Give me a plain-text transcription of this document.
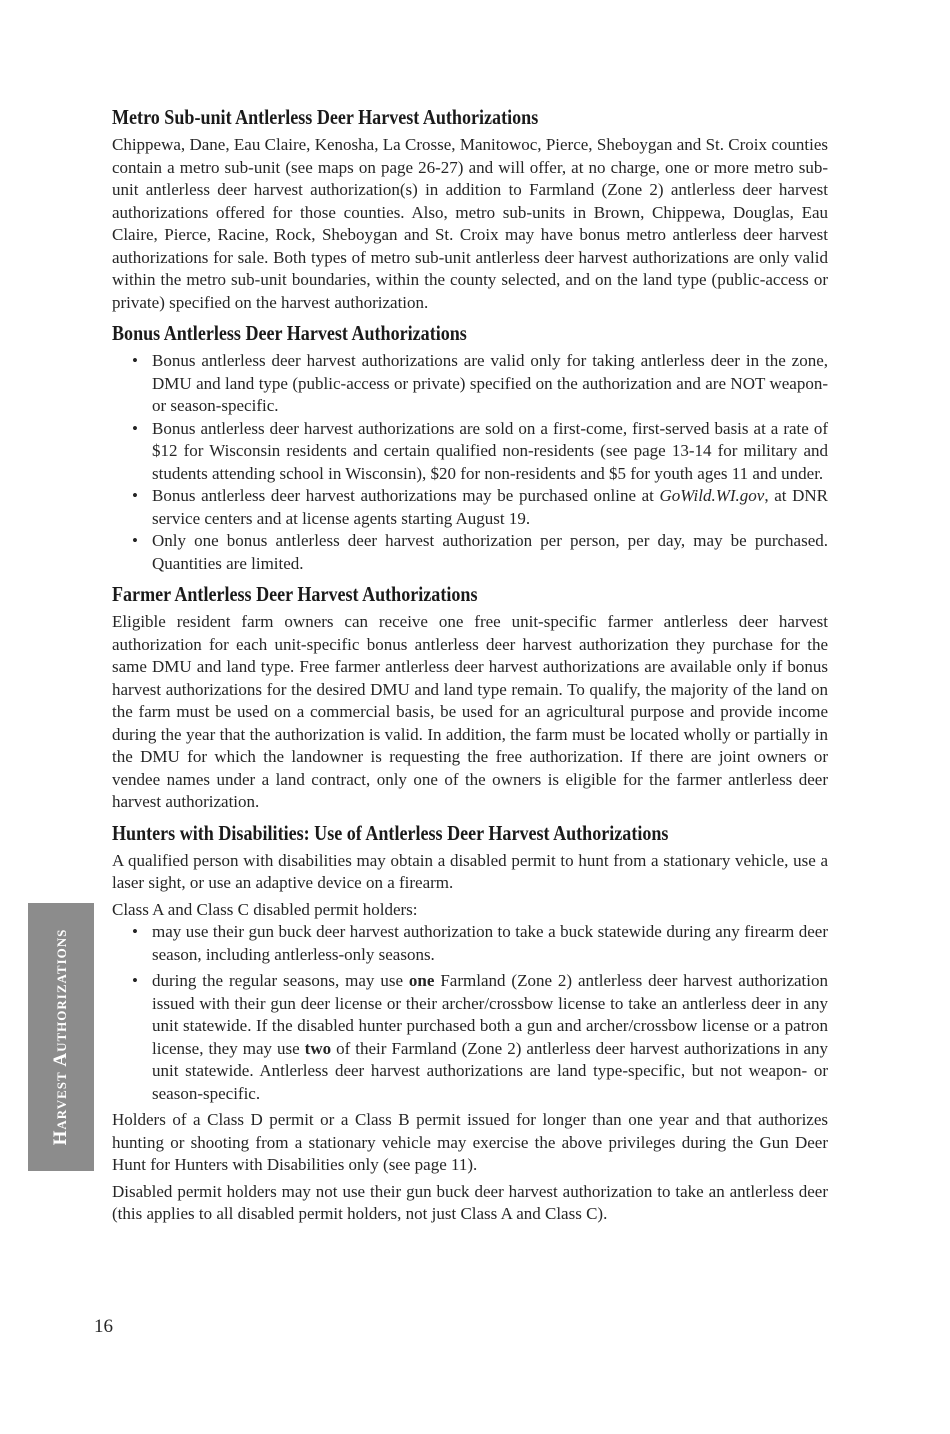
Harvest Authorizations
Metro Sub-unit Antlerless Deer Harvest Authorizations

Chippewa, Dane, Eau Claire, Kenosha, La Crosse, Manitowoc, Pierce, Sheboygan and St. Croix counties contain a metro sub-unit (see maps on page 26-27) and will offer, at no charge, one or more metro sub-unit antlerless deer harvest authorization(s) in addition to Farmland (Zone 2) antlerless deer harvest authorizations offered for those counties. Also, metro sub-units in Brown, Chippewa, Douglas, Eau Claire, Pierce, Racine, Rock, Sheboygan and St. Croix may have bonus metro antlerless deer harvest authorizations for sale. Both types of metro sub-unit antlerless deer harvest authorizations are only valid within the metro sub-unit boundaries, within the county selected, and on the land type (public-access or private) specified on the harvest authorization.

Bonus Antlerless Deer Harvest Authorizations
• Bonus antlerless deer harvest authorizations are valid only for taking antlerless deer in the zone, DMU and land type (public-access or private) specified on the authorization and are NOT weapon- or season-specific.
• Bonus antlerless deer harvest authorizations are sold on a first-come, first-served basis at a rate of $12 for Wisconsin residents and certain qualified non-residents (see page 13-14 for military and students attending school in Wisconsin), $20 for non-residents and $5 for youth ages 11 and under.
• Bonus antlerless deer harvest authorizations may be purchased online at GoWild.WI.gov, at DNR service centers and at license agents starting August 19.
• Only one bonus antlerless deer harvest authorization per person, per day, may be purchased. Quantities are limited.
Farmer Antlerless Deer Harvest Authorizations

Eligible resident farm owners can receive one free unit-specific farmer antlerless deer harvest authorization for each unit-specific bonus antlerless deer harvest authorization they purchase for the same DMU and land type. Free farmer antlerless deer harvest authorizations are available only if bonus harvest authorizations for the desired DMU and land type remain. To qualify, the majority of the land on the farm must be used on a commercial basis, be used for an agricultural purpose and provide income during the year that the authorization is valid. In addition, the farm must be located wholly or partially in the DMU for which the landowner is requesting the free authorization. If there are joint owners or vendee names under a land contract, only one of the owners is eligible for the farmer antlerless deer harvest authorization.

Hunters with Disabilities: Use of Antlerless Deer Harvest Authorizations

A qualified person with disabilities may obtain a disabled permit to hunt from a stationary vehicle, use a laser sight, or use an adaptive device on a firearm.

Class A and Class C disabled permit holders:

• may use their gun buck deer harvest authorization to take a buck statewide during any firearm deer season, including antlerless-only seasons.
• during the regular seasons, may use one Farmland (Zone 2) antlerless deer harvest authorization issued with their gun deer license or their archer/crossbow license to take an antlerless deer in any unit statewide. If the disabled hunter purchased both a gun and archer/crossbow license or a patron license, they may use two of their Farmland (Zone 2) antlerless deer harvest authorizations in any unit statewide. Antlerless deer harvest authorizations are land type-specific, but not weapon- or season-specific.

Holders of a Class D permit or a Class B permit issued for longer than one year and that authorizes hunting or shooting from a stationary vehicle may exercise the above privileges during the Gun Deer Hunt for Hunters with Disabilities only (see page 11).

Disabled permit holders may not use their gun buck deer harvest authorization to take an antlerless deer (this applies to all disabled permit holders, not just Class A and Class C).

16
